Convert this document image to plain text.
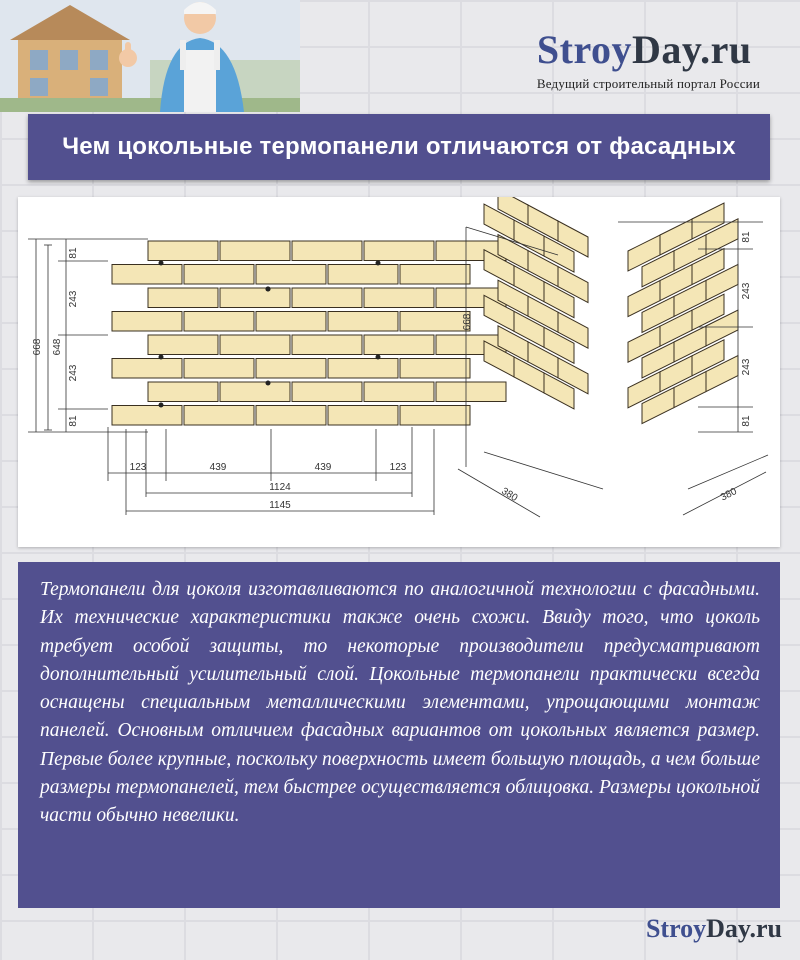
StroyDay.ru
Ведущий строительный портал России
Чем цокольные термопанели отличаются от фасадных
668 648
81
243
243
81
123	439	439	123
1124
1145
668
81
243
243
81
380	380

Термопанели для цоколя изготавливаются по аналогичной технологии с фасадными. Их технические характеристики также очень схожи. Ввиду того, что цоколь требует особой защиты, то некоторые производители предусматривают дополнительный усилительный слой. Цокольные термопанели практически всегда оснащены специальным металлическими элементами, упрощающими монтаж панелей. Основным отличием фасадных вариантов от цокольных является размер. Первые более крупные, поскольку поверхность имеет большую площадь, а чем больше размеры термопанелей, тем быстрее осуществляется облицовка. Размеры цокольной части обычно невелики.

StroyDay.ru
